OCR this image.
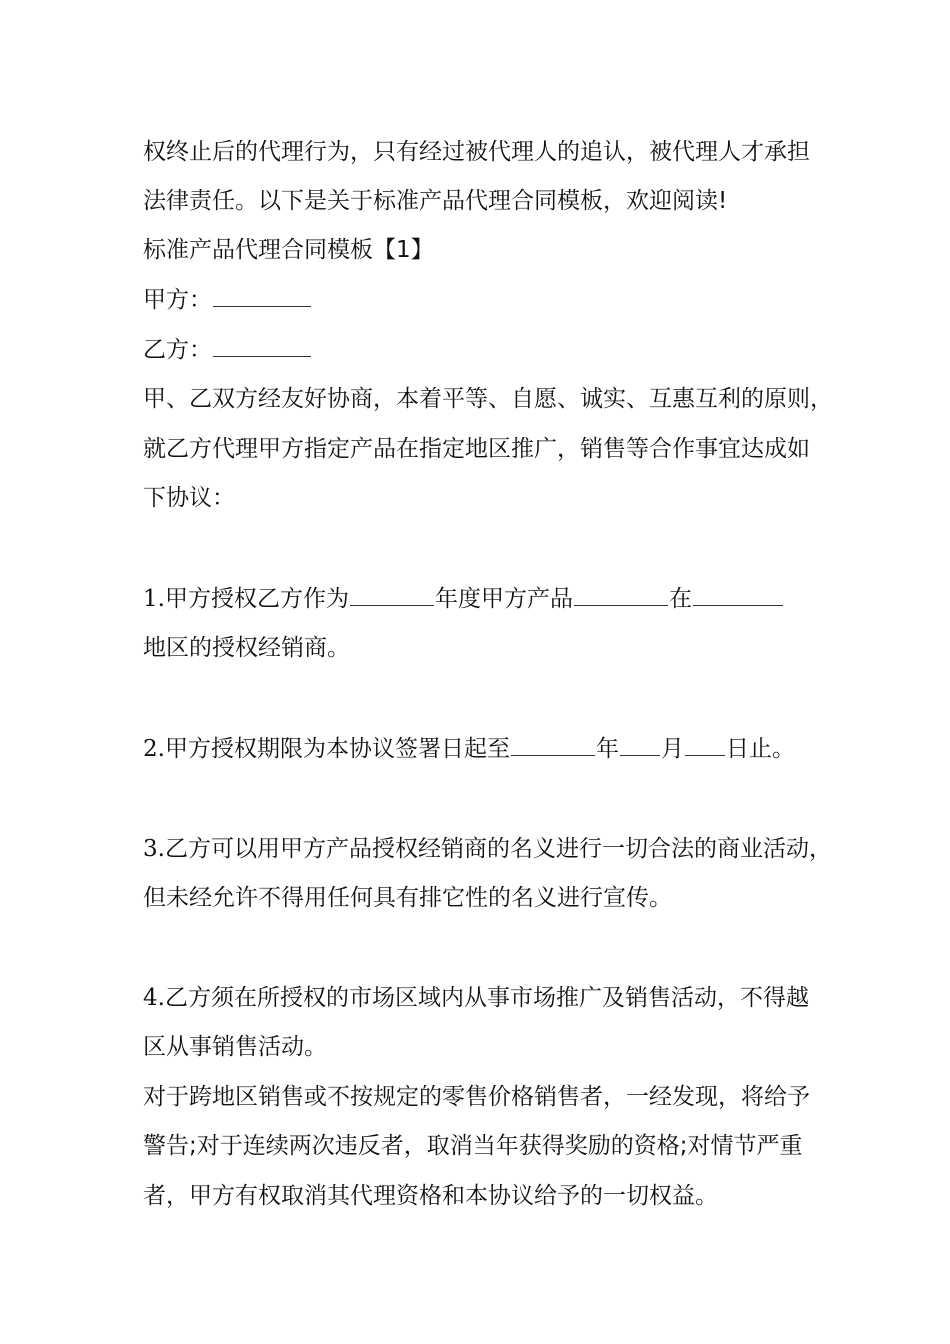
权终止后的代理行为，只有经过被代理人的追认，被代理人才承担
法律责任。以下是关于标准产品代理合同模板，欢迎阅读!
标准产品代理合同模板【1】
甲方：
乙方：
甲、乙双方经友好协商，本着平等、自愿、诚实、互惠互利的原则，
就乙方代理甲方指定产品在指定地区推广，销售等合作事宜达成如
下协议：
1.甲方授权乙方作为	年度甲方产品	在
地区的授权经销商。
2.甲方授权期限为本协议签署日起至	年 月 日止。
3.乙方可以用甲方产品授权经销商的名义进行一切合法的商业活动，
但未经允许不得用任何具有排它性的名义进行宣传。
4.乙方须在所授权的市场区域内从事市场推广及销售活动，不得越
区从事销售活动。
对于跨地区销售或不按规定的零售价格销售者，一经发现，将给予
警告;对于连续两次违反者，取消当年获得奖励的资格;对情节严重
者，甲方有权取消其代理资格和本协议给予的一切权益。
